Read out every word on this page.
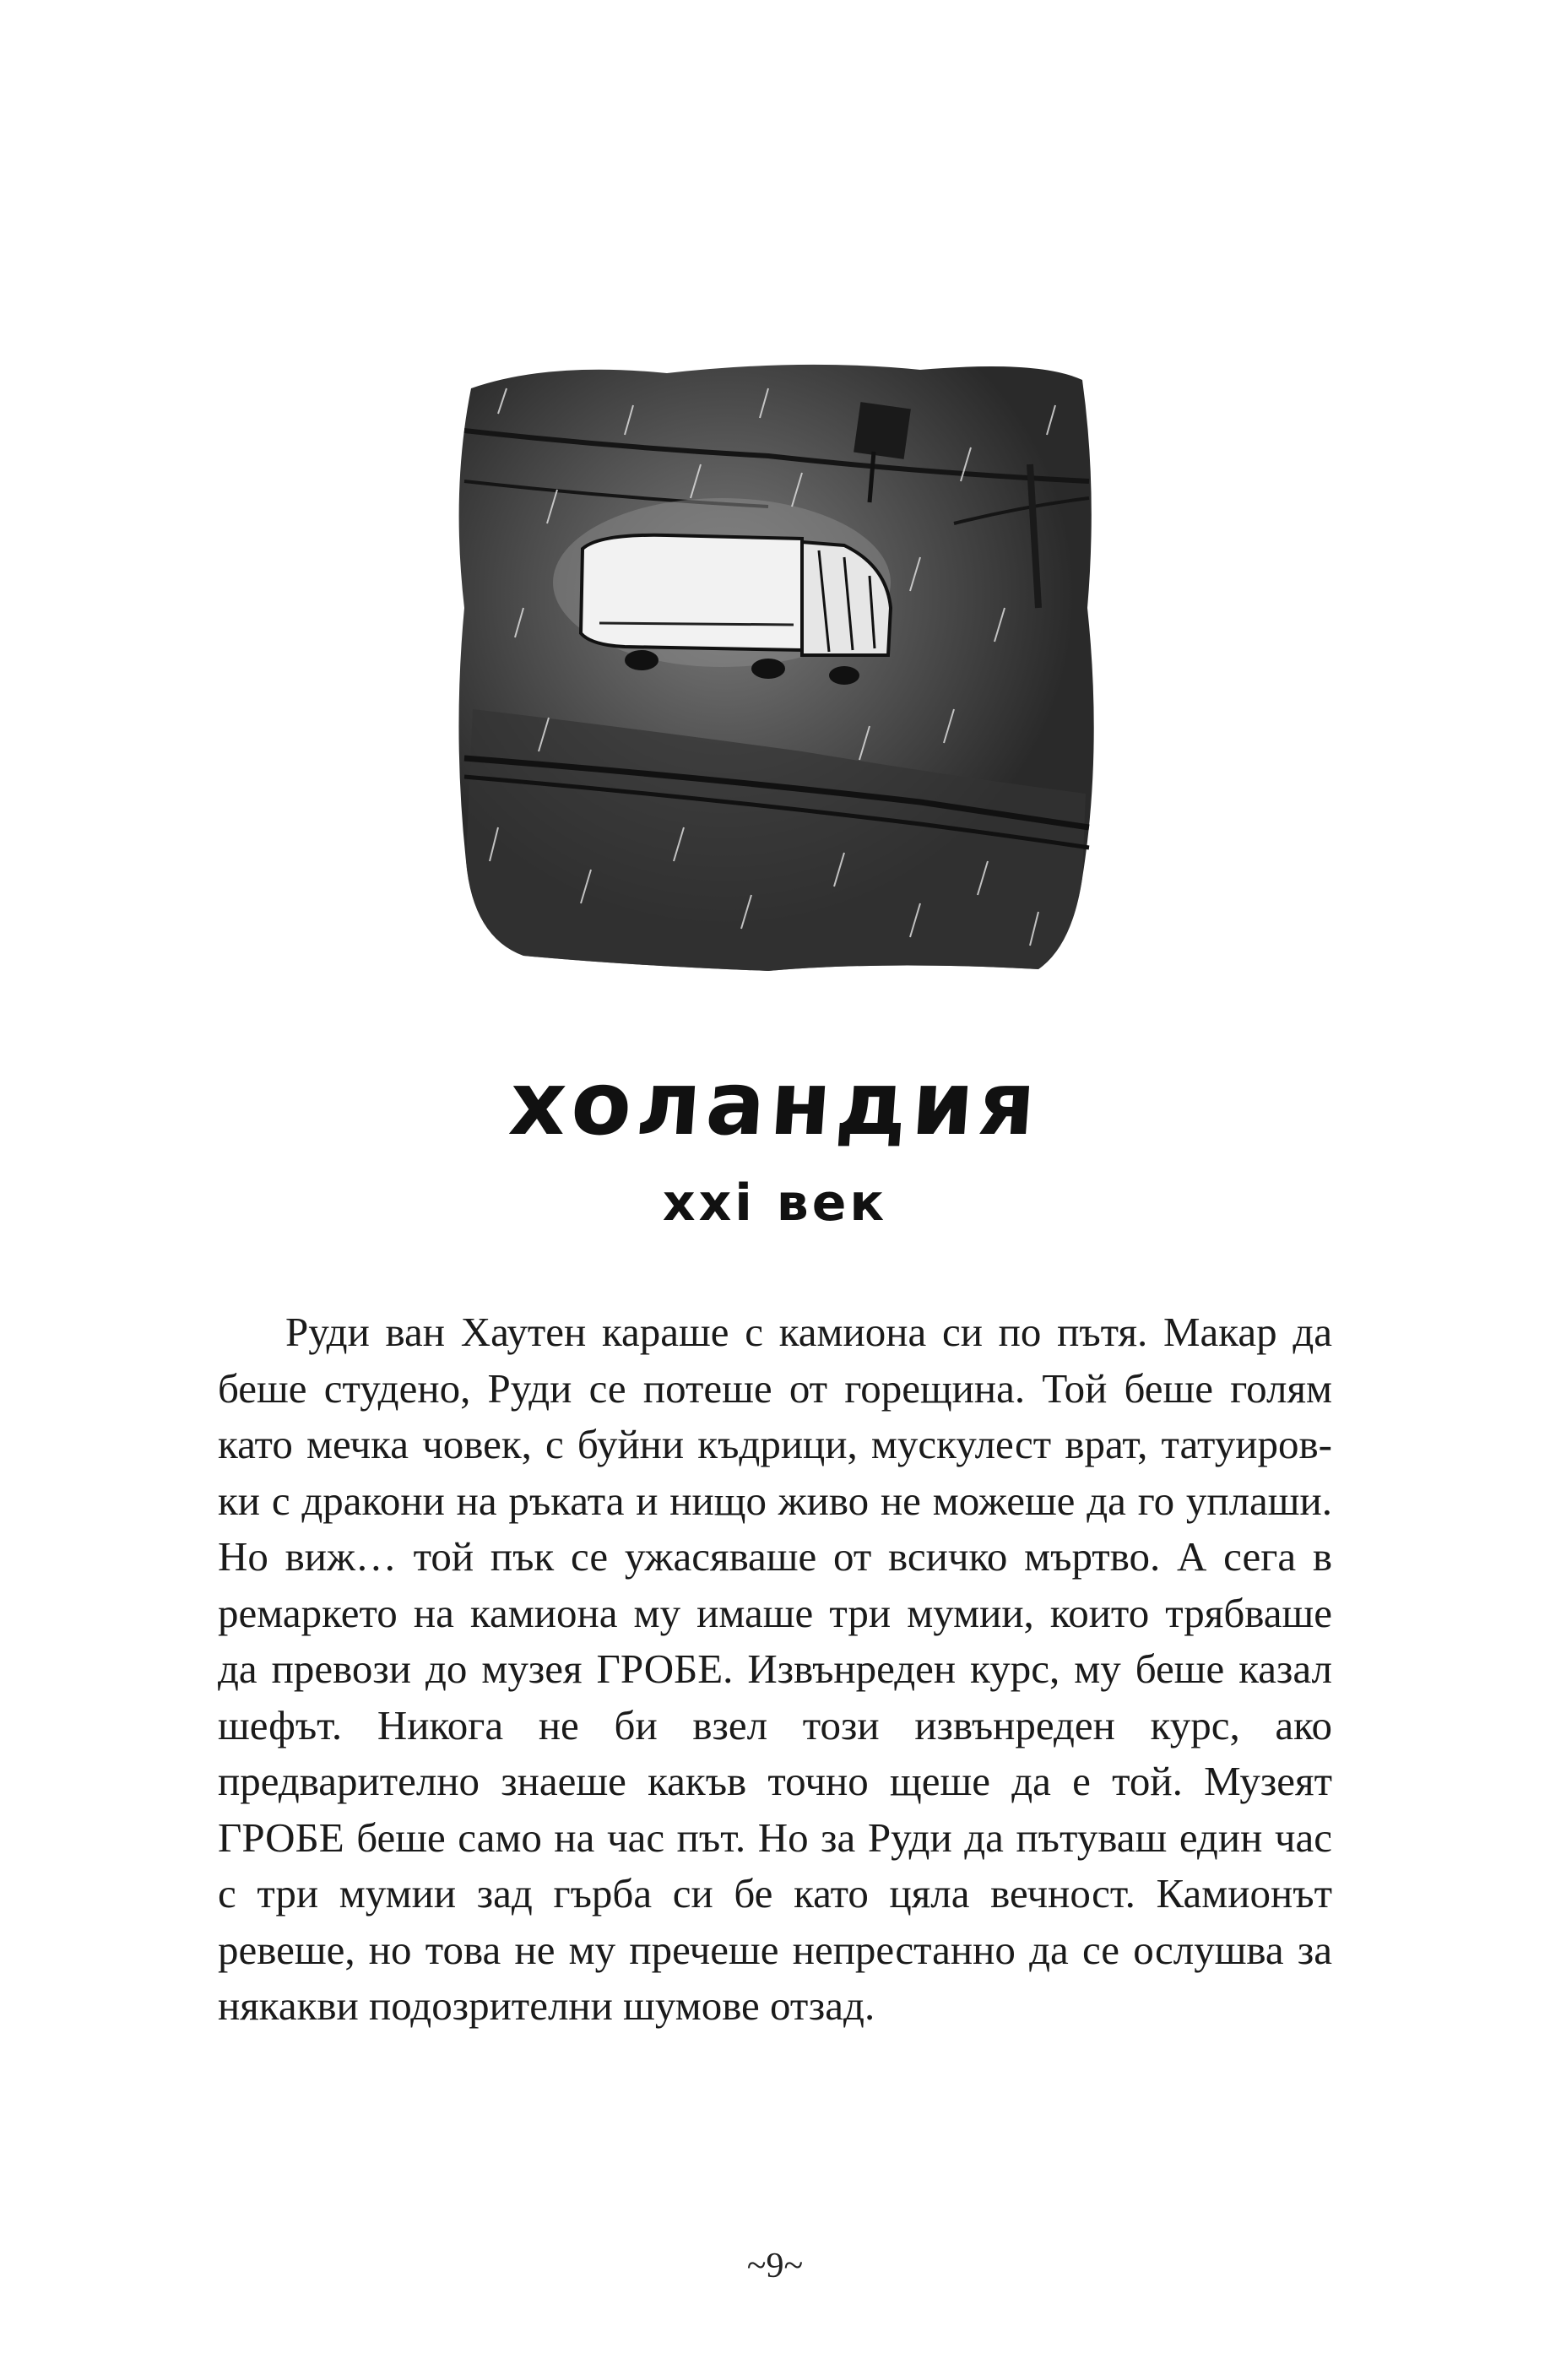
холандия
xxi век

Руди ван Хаутен караше с камиона си по пътя. Макар да беше студено, Руди се потеше от горещина. Той беше голям като мечка човек, с буйни къдрици, мускулест врат, татуировки с дракони на ръката и нищо живо не можеше да го уплаши. Но виж… той пък се ужасяваше от всичко мъртво. А сега в ремаркето на камиона му имаше три мумии, които трябваше да превози до музея ГРОБЕ. Извънреден курс, му беше казал шефът. Никога не би взел този извънреден курс, ако предварително знаеше какъв точно щеше да е той. Музеят ГРОБЕ беше само на час път. Но за Руди да пътуваш един час с три мумии зад гърба си бе като цяла вечност. Камионът ревеше, но това не му пречеше непрестанно да се ослушва за някакви подозрителни шумове отзад.

~9~
